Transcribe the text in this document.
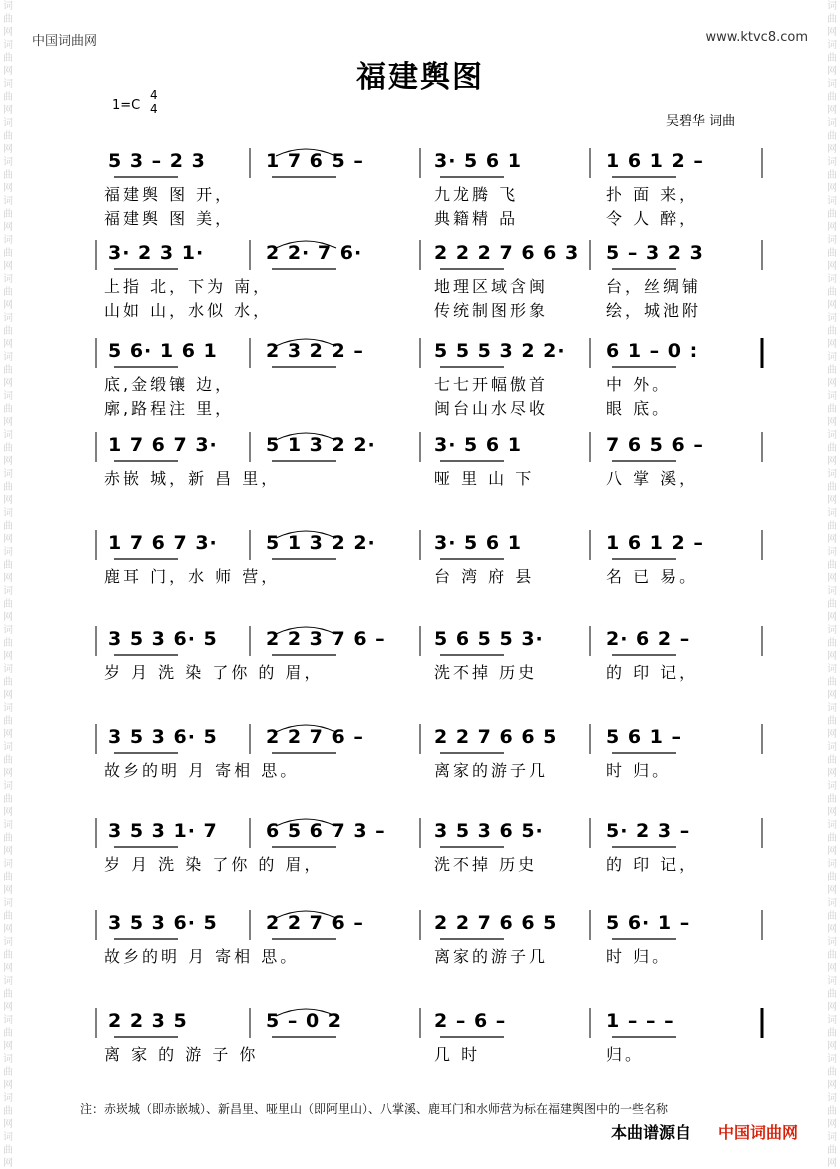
词曲网词曲网词曲网词曲网词曲网词曲网词曲网词曲网词曲网词曲网词曲网词曲网词曲网词曲网词曲网词曲网词曲网词曲网词曲网词曲网词曲网词曲网词曲网词曲网词曲网词曲网词曲网词曲网词曲网词曲网
词曲网词曲网词曲网词曲网词曲网词曲网词曲网词曲网词曲网词曲网词曲网词曲网词曲网词曲网词曲网词曲网词曲网词曲网词曲网词曲网词曲网词曲网词曲网词曲网词曲网词曲网词曲网词曲网词曲网词曲网
中国词曲网	www.ktvc8.com
福建舆图
1=C
4
4
吴碧华 词曲
5 3 – 2 3	1 7 6 5 –	3· 5 6 1	1 6 1 2 –
福建舆 图 开，	九龙腾 飞	扑 面 来，
福建舆 图 美，	典籍精 品	令 人 醉，
3· 2 3 1·	2 2· 7 6·	2 2 2 7 6 6 3 5 – 3 2 3
上指 北，下为 南，	地理区域含闽	台，丝绸铺
山如 山，水似 水，	传统制图形象	绘，城池附
5 6· 1 6 1	2 3 2 2 –	5 5 5 3 2 2· 6 1 – 0 :
底,金缎镶 边，	七七开幅傲首	中 外。
廓,路程注 里，	闽台山水尽收	眼 底。
1 7 6 7 3·	5 1 3 2 2·	3· 5 6 1	7 6 5 6 –
赤嵌 城，新 昌 里，	哑 里 山 下	八 掌 溪，
1 7 6 7 3·	5 1 3 2 2·	3· 5 6 1	1 6 1 2 –
鹿耳 门，水 师 营，	台 湾 府 县	名 已 易。
3 5 3 6· 5	2 2 3 7 6 –	5 6 5 5 3·	2· 6 2 –
岁 月 洗 染 了你 的 眉，	洗不掉 历史	的 印 记，
3 5 3 6· 5	2 2 7 6 –	2 2 7 6 6 5	5 6 1 –
故乡的明 月 寄相 思。	离家的游子几	时 归。
3 5 3 1· 7	6 5 6 7 3 –	3 5 3 6 5·	5· 2 3 –
岁 月 洗 染 了你 的 眉，	洗不掉 历史	的 印 记，
3 5 3 6· 5	2 2 7 6 –	2 2 7 6 6 5	5 6· 1 –
故乡的明 月 寄相 思。	离家的游子几	时 归。
2 2 3 5	5 – 0 2	2 – 6 –	1 – – –
离 家 的 游 子 你	几 时	归。
注：赤崁城（即赤嵌城）、新昌里、哑里山（即阿里山）、八掌溪、鹿耳门和水师营为标在福建舆图中的一些名称
本曲谱源自 中国词曲网
